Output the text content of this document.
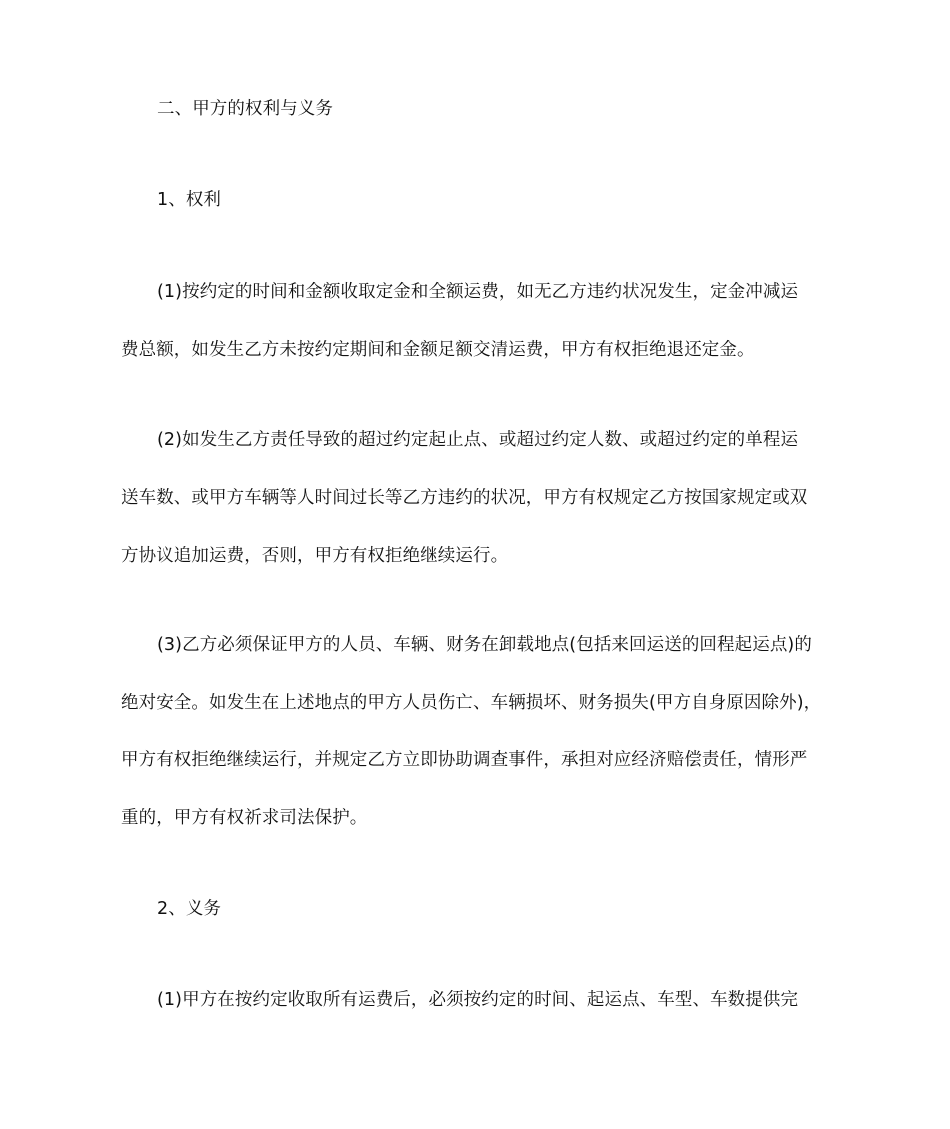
二、甲方的权利与义务
1、权利
(1)按约定的时间和金额收取定金和全额运费，如无乙方违约状况发生，定金冲减运
费总额，如发生乙方未按约定期间和金额足额交清运费，甲方有权拒绝退还定金。
(2)如发生乙方责任导致的超过约定起止点、或超过约定人数、或超过约定的单程运
送车数、或甲方车辆等人时间过长等乙方违约的状况，甲方有权规定乙方按国家规定或双
方协议追加运费，否则，甲方有权拒绝继续运行。
(3)乙方必须保证甲方的人员、车辆、财务在卸载地点(包括来回运送的回程起运点)的
绝对安全。如发生在上述地点的甲方人员伤亡、车辆损坏、财务损失(甲方自身原因除外)，
甲方有权拒绝继续运行，并规定乙方立即协助调查事件，承担对应经济赔偿责任，情形严
重的，甲方有权祈求司法保护。
2、义务
(1)甲方在按约定收取所有运费后，必须按约定的时间、起运点、车型、车数提供完
